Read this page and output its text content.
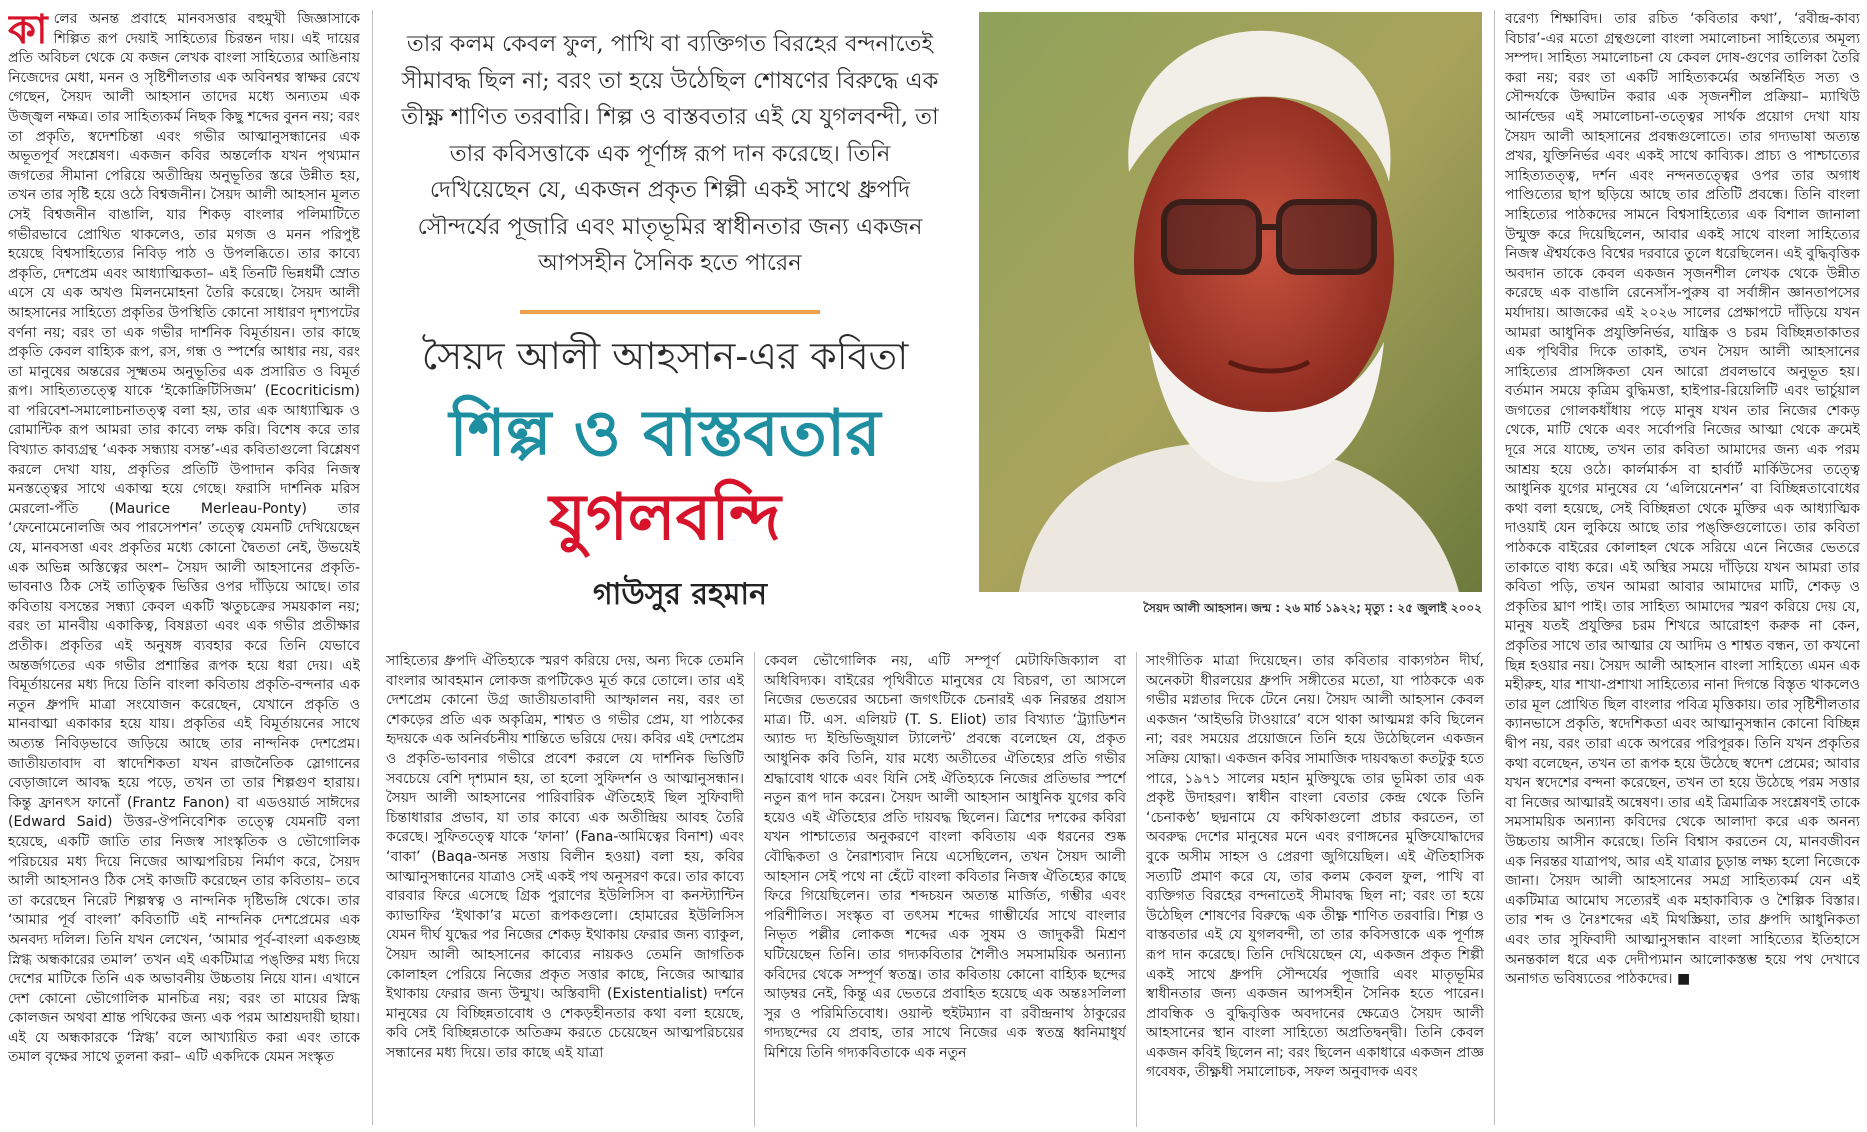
কা লের অনন্ত প্রবাহে মানবসত্তার বহুমুখী জিজ্ঞাসাকে শিল্পিত রূপ দেয়াই সাহিত্যের চিরন্তন দায়। এই দায়ের প্রতি অবিচল থেকে যে কজন লেখক বাংলা সাহিত্যের আঙিনায় নিজেদের মেধা, মনন ও সৃষ্টিশীলতার এক অবিনশ্বর স্বাক্ষর রেখে গেছেন, সৈয়দ আলী আহসান তাদের মধ্যে অন্যতম এক উজ্জ্বল নক্ষত্র। তার সাহিত্যকর্ম নিছক কিছু শব্দের বুনন নয়; বরং তা প্রকৃতি, স্বদেশচিন্তা এবং গভীর আত্মানুসন্ধানের এক অভূতপূর্ব সংশ্লেষণ। একজন কবির অন্তর্লোক যখন পৃথ্যমান জগতের সীমানা পেরিয়ে অতীন্দ্রিয় অনুভূতির স্তরে উন্নীত হয়, তখন তার সৃষ্টি হয়ে ওঠে বিশ্বজনীন। সৈয়দ আলী আহসান মূলত সেই বিশ্বজনীন বাঙালি, যার শিকড় বাংলার পলিমাটিতে গভীরভাবে প্রোথিত থাকলেও, তার মগজ ও মনন পরিপুষ্ট হয়েছে বিশ্বসাহিত্যের নিবিড় পাঠ ও উপলব্ধিতে। তার কাব্যে প্রকৃতি, দেশপ্রেম এবং আধ্যাত্মিকতা– এই তিনটি ভিন্নধর্মী স্রোত এসে যে এক অখণ্ড মিলনমোহনা তৈরি করেছে। সৈয়দ আলী আহসানের সাহিত্যে প্রকৃতির উপস্থিতি কোনো সাধারণ দৃশ্যপটের বর্ণনা নয়; বরং তা এক গভীর দার্শনিক বিমূর্তায়ন। তার কাছে প্রকৃতি কেবল বাহ্যিক রূপ, রস, গন্ধ ও স্পর্শের আধার নয়, বরং তা মানুষের অন্তরের সূক্ষ্মতম অনুভূতির এক প্রসারিত ও বিমূর্ত রূপ। সাহিত্যতত্ত্বে যাকে ‘ইকোক্রিটিসিজম’ (Ecocriticism) বা পরিবেশ-সমালোচনাতত্ত্ব বলা হয়, তার এক আধ্যাত্মিক ও রোমান্টিক রূপ আমরা তার কাব্যে লক্ষ করি। বিশেষ করে তার বিখ্যাত কাব্যগ্রন্থ ‘একক সন্ধ্যায় বসন্ত’-এর কবিতাগুলো বিশ্লেষণ করলে দেখা যায়, প্রকৃতির প্রতিটি উপাদান কবির নিজস্ব মনস্তত্ত্বের সাথে একাত্ম হয়ে গেছে। ফরাসি দার্শনিক মরিস মেরলো-পঁতি (Maurice Merleau-Ponty) তার ‘ফেনোমেনোলজি অব পারসেপশন’ তত্ত্বে যেমনটি দেখিয়েছেন যে, মানবসত্তা এবং প্রকৃতির মধ্যে কোনো দ্বৈততা নেই, উভয়েই এক অভিন্ন অস্তিত্বের অংশ– সৈয়দ আলী আহসানের প্রকৃতি-ভাবনাও ঠিক সেই তাত্ত্বিক ভিত্তির ওপর দাঁড়িয়ে আছে। তার কবিতায় বসন্তের সন্ধ্যা কেবল একটি ঋতুচক্রের সময়কাল নয়; বরং তা মানবীয় একাকিত্ব, বিষণ্ণতা এবং এক গভীর প্রতীক্ষার প্রতীক। প্রকৃতির এই অনুষঙ্গ ব্যবহার করে তিনি যেভাবে অন্তর্জগতের এক গভীর প্রশান্তির রূপক হয়ে ধরা দেয়। এই বিমূর্তায়নের মধ্য দিয়ে তিনি বাংলা কবিতায় প্রকৃতি-বন্দনার এক নতুন ধ্রুপদি মাত্রা সংযোজন করেছেন, যেখানে প্রকৃতি ও মানবাত্মা একাকার হয়ে যায়। প্রকৃতির এই বিমূর্তায়নের সাথে অত্যন্ত নিবিড়ভাবে জড়িয়ে আছে তার নান্দনিক দেশপ্রেম। জাতীয়তাবাদ বা স্বাদেশিকতা যখন রাজনৈতিক স্লোগানের বেড়াজালে আবদ্ধ হয়ে পড়ে, তখন তা তার শিল্পগুণ হারায়। কিন্তু ফ্রানৎস ফানোঁ (Frantz Fanon) বা এডওয়ার্ড সাঈদের (Edward Said) উত্তর-ঔপনিবেশিক তত্ত্বে যেমনটি বলা হয়েছে, একটি জাতি তার নিজস্ব সাংস্কৃতিক ও ভৌগোলিক পরিচয়ের মধ্য দিয়ে নিজের আত্মপরিচয় নির্মাণ করে, সৈয়দ আলী আহসানও ঠিক সেই কাজটি করেছেন তার কবিতায়– তবে তা করেছেন নিরেট শিল্পস্বত্ব ও নান্দনিক দৃষ্টিভঙ্গি থেকে। তার ‘আমার পূর্ব বাংলা’ কবিতাটি এই নান্দনিক দেশপ্রেমের এক অনবদ্য দলিল। তিনি যখন লেখেন, ‘আমার পূর্ব-বাংলা একগুচ্ছ স্নিগ্ধ অন্ধকারের তমাল’ তখন এই একটিমাত্র পঙ্‌ক্তির মধ্য দিয়ে দেশের মাটিকে তিনি এক অভাবনীয় উচ্চতায় নিয়ে যান। এখানে দেশ কোনো ভৌগোলিক মানচিত্র নয়; বরং তা মায়ের স্নিগ্ধ কোলজন অথবা শ্রান্ত পথিকের জন্য এক পরম আশ্রয়দায়ী ছায়া। এই যে অন্ধকারকে ‘স্নিগ্ধ’ বলে আখ্যায়িত করা এবং তাকে তমাল বৃক্ষের সাথে তুলনা করা– এটি একদিকে যেমন সংস্কৃত
তার কলম কেবল ফুল, পাখি বা ব্যক্তিগত বিরহের বন্দনাতেই সীমাবদ্ধ ছিল না; বরং তা হয়ে উঠেছিল শোষণের বিরুদ্ধে এক তীক্ষ্ণ শাণিত তরবারি। শিল্প ও বাস্তবতার এই যে যুগলবন্দী, তা তার কবিসত্তাকে এক পূর্ণাঙ্গ রূপ দান করেছে। তিনি দেখিয়েছেন যে, একজন প্রকৃত শিল্পী একই সাথে ধ্রুপদি সৌন্দর্যের পূজারি এবং মাতৃভূমির স্বাধীনতার জন্য একজন আপসহীন সৈনিক হতে পারেন
সৈয়দ আলী আহসান-এর কবিতা
শিল্প ও বাস্তবতার
যুগলবন্দি
গাউসুর রহমান	সৈয়দ আলী আহসান। জন্ম : ২৬ মার্চ ১৯২২; মৃত্যু : ২৫ জুলাই ২০০২
সাহিত্যের ধ্রুপদি ঐতিহ্যকে স্মরণ করিয়ে দেয়, অন্য দিকে তেমনি বাংলার আবহমান লোকজ রূপটিকেও মূর্ত করে তোলে। তার এই দেশপ্রেম কোনো উগ্র জাতীয়তাবাদী আস্ফালন নয়, বরং তা শেকড়ের প্রতি এক অকৃত্রিম, শাশ্বত ও গভীর প্রেম, যা পাঠকের হৃদয়কে এক অনির্বচনীয় শান্তিতে ভরিয়ে দেয়। কবির এই দেশপ্রেম ও প্রকৃতি-ভাবনার গভীরে প্রবেশ করলে যে দার্শনিক ভিত্তিটি সবচেয়ে বেশি দৃশ্যমান হয়, তা হলো সুফিদর্শন ও আত্মানুসন্ধান। সৈয়দ আলী আহসানের পারিবারিক ঐতিহ্যেই ছিল সুফিবাদী চিন্তাধারার প্রভাব, যা তার কাব্যে এক অতীন্দ্রিয় আবহ তৈরি করেছে। সুফিতত্ত্বে যাকে ‘ফানা’ (Fana-আমিত্বের বিনাশ) এবং ‘বাকা’ (Baqa-অনন্ত সত্তায় বিলীন হওয়া) বলা হয়, কবির আত্মানুসন্ধানের যাত্রাও সেই একই পথ অনুসরণ করে। তার কাব্যে বারবার ফিরে এসেছে গ্রিক পুরাণের ইউলিসিস বা কনস্ট্যান্টিন ক্যাভাফির ‘ইথাকা’র মতো রূপকগুলো। হোমারের ইউলিসিস যেমন দীর্ঘ যুদ্ধের পর নিজের শেকড় ইথাকায় ফেরার জন্য ব্যাকুল, সৈয়দ আলী আহসানের কাব্যের নায়কও তেমনি জাগতিক কোলাহল পেরিয়ে নিজের প্রকৃত সত্তার কাছে, নিজের আত্মার ইথাকায় ফেরার জন্য উন্মুখ। অস্তিবাদী (Existentialist) দর্শনে মানুষের যে বিচ্ছিন্নতাবোধ ও শেকড়হীনতার কথা বলা হয়েছে, কবি সেই বিচ্ছিন্নতাকে অতিক্রম করতে চেয়েছেন আত্মপরিচয়ের সন্ধানের মধ্য দিয়ে। তার কাছে এই যাত্রা
কেবল ভৌগোলিক নয়, এটি সম্পূর্ণ মেটাফিজিক্যাল বা অধিবিদ্যক। বাইরের পৃথিবীতে মানুষের যে বিচরণ, তা আসলে নিজের ভেতরের অচেনা জগৎটিকে চেনারই এক নিরন্তর প্রয়াস মাত্র। টি. এস. এলিয়ট (T. S. Eliot) তার বিখ্যাত ‘ট্র্যাডিশন অ্যান্ড দ্য ইন্ডিভিজুয়াল ট্যালেন্ট’ প্রবন্ধে বলেছেন যে, প্রকৃত আধুনিক কবি তিনি, যার মধ্যে অতীতের ঐতিহ্যের প্রতি গভীর শ্রদ্ধাবোধ থাকে এবং যিনি সেই ঐতিহ্যকে নিজের প্রতিভার স্পর্শে নতুন রূপ দান করেন। সৈয়দ আলী আহসান আধুনিক যুগের কবি হয়েও এই ঐতিহ্যের প্রতি দায়বদ্ধ ছিলেন। ত্রিশের দশকের কবিরা যখন পাশ্চাত্যের অনুকরণে বাংলা কবিতায় এক ধরনের শুষ্ক বৌদ্ধিকতা ও নৈরাশ্যবাদ নিয়ে এসেছিলেন, তখন সৈয়দ আলী আহসান সেই পথে না হেঁটে বাংলা কবিতার নিজস্ব ঐতিহ্যের কাছে ফিরে গিয়েছিলেন। তার শব্দচয়ন অত্যন্ত মার্জিত, গম্ভীর এবং পরিশীলিত। সংস্কৃত বা তৎসম শব্দের গাম্ভীর্যের সাথে বাংলার নিভৃত পল্লীর লোকজ শব্দের এক সুষম ও জাদুকরী মিশ্রণ ঘটিয়েছেন তিনি। তার গদ্যকবিতার শৈলীও সমসাময়িক অন্যান্য কবিদের থেকে সম্পূর্ণ স্বতন্ত্র। তার কবিতায় কোনো বাহ্যিক ছন্দের আড়ম্বর নেই, কিন্তু এর ভেতরে প্রবাহিত হয়েছে এক অন্তঃসলিলা সুর ও পরিমিতিবোধ। ওয়াল্ট হুইটম্যান বা রবীন্দ্রনাথ ঠাকুরের গদ্যছন্দের যে প্রবাহ, তার সাথে নিজের এক স্বতন্ত্র ধ্বনিমাধুর্য মিশিয়ে তিনি গদ্যকবিতাকে এক নতুন
সাংগীতিক মাত্রা দিয়েছেন। তার কবিতার বাক্যগঠন দীর্ঘ, অনেকটা ধীরলয়ের ধ্রুপদি সঙ্গীতের মতো, যা পাঠককে এক গভীর মগ্নতার দিকে টেনে নেয়। সৈয়দ আলী আহসান কেবল একজন ‘আইভরি টাওয়ারে’ বসে থাকা আত্মমগ্ন কবি ছিলেন না; বরং সময়ের প্রয়োজনে তিনি হয়ে উঠেছিলেন একজন সক্রিয় যোদ্ধা। একজন কবির সামাজিক দায়বদ্ধতা কতটুকু হতে পারে, ১৯৭১ সালের মহান মুক্তিযুদ্ধে তার ভূমিকা তার এক প্রকৃষ্ট উদাহরণ। স্বাধীন বাংলা বেতার কেন্দ্র থেকে তিনি ‘চেনাকণ্ঠ’ ছদ্মনামে যে কথিকাগুলো প্রচার করতেন, তা অবরুদ্ধ দেশের মানুষের মনে এবং রণাঙ্গনের মুক্তিযোদ্ধাদের বুকে অসীম সাহস ও প্রেরণা জুগিয়েছিল। এই ঐতিহাসিক সত্যটি প্রমাণ করে যে, তার কলম কেবল ফুল, পাখি বা ব্যক্তিগত বিরহের বন্দনাতেই সীমাবদ্ধ ছিল না; বরং তা হয়ে উঠেছিল শোষণের বিরুদ্ধে এক তীক্ষ্ণ শাণিত তরবারি। শিল্প ও বাস্তবতার এই যে যুগলবন্দী, তা তার কবিসত্তাকে এক পূর্ণাঙ্গ রূপ দান করেছে। তিনি দেখিয়েছেন যে, একজন প্রকৃত শিল্পী একই সাথে ধ্রুপদি সৌন্দর্যের পূজারি এবং মাতৃভূমির স্বাধীনতার জন্য একজন আপসহীন সৈনিক হতে পারেন। প্রাবন্ধিক ও বুদ্ধিবৃত্তিক অবদানের ক্ষেত্রেও সৈয়দ আলী আহসানের স্থান বাংলা সাহিত্যে অপ্রতিদ্বন্দ্বী। তিনি কেবল একজন কবিই ছিলেন না; বরং ছিলেন একাধারে একজন প্রাজ্ঞ গবেষক, তীক্ষ্ণধী সমালোচক, সফল অনুবাদক এবং
বরেণ্য শিক্ষাবিদ। তার রচিত ‘কবিতার কথা’, ‘রবীন্দ্র-কাব্য বিচার’-এর মতো গ্রন্থগুলো বাংলা সমালোচনা সাহিত্যের অমূল্য সম্পদ। সাহিত্য সমালোচনা যে কেবল দোষ-গুণের তালিকা তৈরি করা নয়; বরং তা একটি সাহিত্যকর্মের অন্তর্নিহিত সত্য ও সৌন্দর্যকে উদ্ঘাটন করার এক সৃজনশীল প্রক্রিয়া– ম্যাথিউ আর্নল্ডের এই সমালোচনা-তত্ত্বের সার্থক প্রয়োগ দেখা যায় সৈয়দ আলী আহসানের প্রবন্ধগুলোতে। তার গদ্যভাষা অত্যন্ত প্রখর, যুক্তিনির্ভর এবং একই সাথে কাব্যিক। প্রাচ্য ও পাশ্চাত্যের সাহিত্যতত্ত্ব, দর্শন এবং নন্দনতত্ত্বের ওপর তার অগাধ পাণ্ডিত্যের ছাপ ছড়িয়ে আছে তার প্রতিটি প্রবন্ধে। তিনি বাংলা সাহিত্যের পাঠকদের সামনে বিশ্বসাহিত্যের এক বিশাল জানালা উন্মুক্ত করে দিয়েছিলেন, আবার একই সাথে বাংলা সাহিত্যের নিজস্ব ঐশ্বর্যকেও বিশ্বের দরবারে তুলে ধরেছিলেন। এই বুদ্ধিবৃত্তিক অবদান তাকে কেবল একজন সৃজনশীল লেখক থেকে উন্নীত করেছে এক বাঙালি রেনেসাঁস-পুরুষ বা সর্বাঙ্গীন জ্ঞানতাপসের মর্যাদায়। আজকের এই ২০২৬ সালের প্রেক্ষাপটে দাঁড়িয়ে যখন আমরা আধুনিক প্রযুক্তিনির্ভর, যান্ত্রিক ও চরম বিচ্ছিন্নতাকাতর এক পৃথিবীর দিকে তাকাই, তখন সৈয়দ আলী আহসানের সাহিত্যের প্রাসঙ্গিকতা যেন আরো প্রবলভাবে অনুভূত হয়। বর্তমান সময়ে কৃত্রিম বুদ্ধিমত্তা, হাইপার-রিয়েলিটি এবং ভার্চুয়াল জগতের গোলকধাঁধায় পড়ে মানুষ যখন তার নিজের শেকড় থেকে, মাটি থেকে এবং সর্বোপরি নিজের আত্মা থেকে ক্রমেই দূরে সরে যাচ্ছে, তখন তার কবিতা আমাদের জন্য এক পরম আশ্রয় হয়ে ওঠে। কার্লমার্কস বা হার্বার্ট মার্কিউসের তত্ত্বে আধুনিক যুগের মানুষের যে ‘এলিয়েনেশন’ বা বিচ্ছিন্নতাবোধের কথা বলা হয়েছে, সেই বিচ্ছিন্নতা থেকে মুক্তির এক আধ্যাত্মিক দাওয়াই যেন লুকিয়ে আছে তার পঙ্‌ক্তিগুলোতে। তার কবিতা পাঠককে বাইরের কোলাহল থেকে সরিয়ে এনে নিজের ভেতরে তাকাতে বাধ্য করে। এই অস্থির সময়ে দাঁড়িয়ে যখন আমরা তার কবিতা পড়ি, তখন আমরা আবার আমাদের মাটি, শেকড় ও প্রকৃতির ঘ্রাণ পাই। তার সাহিত্য আমাদের স্মরণ করিয়ে দেয় যে, মানুষ যতই প্রযুক্তির চরম শিখরে আরোহণ করুক না কেন, প্রকৃতির সাথে তার আত্মার যে আদিম ও শাশ্বত বন্ধন, তা কখনো ছিন্ন হওয়ার নয়। সৈয়দ আলী আহসান বাংলা সাহিত্যে এমন এক মহীরুহ, যার শাখা-প্রশাখা সাহিত্যের নানা দিগন্তে বিস্তৃত থাকলেও তার মূল প্রোথিত ছিল বাংলার পবিত্র মৃত্তিকায়। তার সৃষ্টিশীলতার ক্যানভাসে প্রকৃতি, স্বদেশিকতা এবং আত্মানুসন্ধান কোনো বিচ্ছিন্ন দ্বীপ নয়, বরং তারা একে অপরের পরিপূরক। তিনি যখন প্রকৃতির কথা বলেছেন, তখন তা রূপক হয়ে উঠেছে স্বদেশ প্রেমের; আবার যখন স্বদেশের বন্দনা করেছেন, তখন তা হয়ে উঠেছে পরম সত্তার বা নিজের আত্মারই অন্বেষণ। তার এই ত্রিমাত্রিক সংশ্লেষণই তাকে সমসাময়িক অন্যান্য কবিদের থেকে আলাদা করে এক অনন্য উচ্চতায় আসীন করেছে। তিনি বিশ্বাস করতেন যে, মানবজীবন এক নিরন্তর যাত্রাপথ, আর এই যাত্রার চূড়ান্ত লক্ষ্য হলো নিজেকে জানা। সৈয়দ আলী আহসানের সমগ্র সাহিত্যকর্ম যেন এই একটিমাত্র আমোঘ সত্যেরই এক মহাকাব্যিক ও শৈল্পিক বিস্তার। তার শব্দ ও নৈঃশব্দের এই মিথস্ক্রিয়া, তার ধ্রুপদি আধুনিকতা এবং তার সুফিবাদী আত্মানুসন্ধান বাংলা সাহিত্যের ইতিহাসে অনন্তকাল ধরে এক দেদীপ্যমান আলোকস্তম্ভ হয়ে পথ দেখাবে অনাগত ভবিষ্যতের পাঠকদের। ■
